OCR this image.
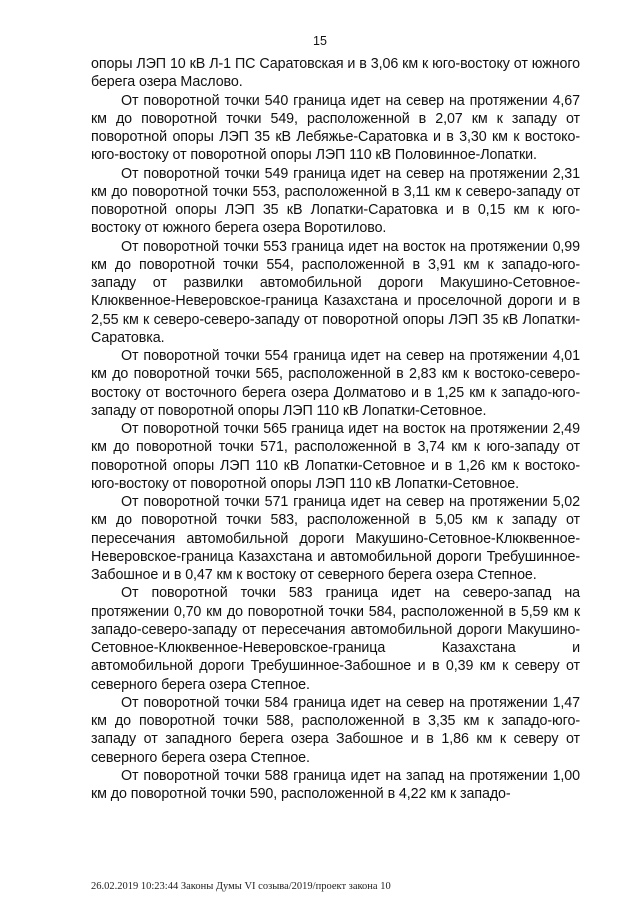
15

опоры ЛЭП 10 кВ Л-1 ПС Саратовская и в 3,06 км к юго-востоку от южного берега озера Маслово.

От поворотной точки 540 граница идет на север на протяжении 4,67 км до поворотной точки 549, расположенной в 2,07 км к западу от поворотной опоры ЛЭП 35 кВ Лебяжье-Саратовка и в 3,30 км к востоко-юго-востоку от поворотной опоры ЛЭП 110 кВ Половинное-Лопатки.

От поворотной точки 549 граница идет на север на протяжении 2,31 км до поворотной точки 553, расположенной в 3,11 км к северо-западу от поворотной опоры ЛЭП 35 кВ Лопатки-Саратовка и в 0,15 км к юго-востоку от южного берега озера Воротилово.

От поворотной точки 553 граница идет на восток на протяжении 0,99 км до поворотной точки 554, расположенной в 3,91 км к западо-юго-западу от развилки автомобильной дороги Макушино-Сетовное-Клюквенное-Неверовское-граница Казахстана и проселочной дороги и в 2,55 км к северо-северо-западу от поворотной опоры ЛЭП 35 кВ Лопатки-Саратовка.

От поворотной точки 554 граница идет на север на протяжении 4,01 км до поворотной точки 565, расположенной в 2,83 км к востоко-северо-востоку от восточного берега озера Долматово и в 1,25 км к западо-юго-западу от поворотной опоры ЛЭП 110 кВ Лопатки-Сетовное.

От поворотной точки 565 граница идет на восток на протяжении 2,49 км до поворотной точки 571, расположенной в 3,74 км к юго-западу от поворотной опоры ЛЭП 110 кВ Лопатки-Сетовное и в 1,26 км к востоко-юго-востоку от поворотной опоры ЛЭП 110 кВ Лопатки-Сетовное.

От поворотной точки 571 граница идет на север на протяжении 5,02 км до поворотной точки 583, расположенной в 5,05 км к западу от пересечания автомобильной дороги Макушино-Сетовное-Клюквенное-Неверовское-граница Казахстана и автомобильной дороги Требушинное-Забошное и в 0,47 км к востоку от северного берега озера Степное.

От поворотной точки 583 граница идет на северо-запад на протяжении 0,70 км до поворотной точки 584, расположенной в 5,59 км к западо-северо-западу от пересечания автомобильной дороги Макушино-Сетовное-Клюквенное-Неверовское-граница Казахстана и автомобильной дороги Требушинное-Забошное и в 0,39 км к северу от северного берега озера Степное.

От поворотной точки 584 граница идет на север на протяжении 1,47 км до поворотной точки 588, расположенной в 3,35 км к западо-юго-западу от западного берега озера Забошное и в 1,86 км к северу от северного берега озера Степное.

От поворотной точки 588 граница идет на запад на протяжении 1,00 км до поворотной точки 590, расположенной в 4,22 км к западо-

26.02.2019 10:23:44 Законы Думы VI созыва/2019/проект закона 10
